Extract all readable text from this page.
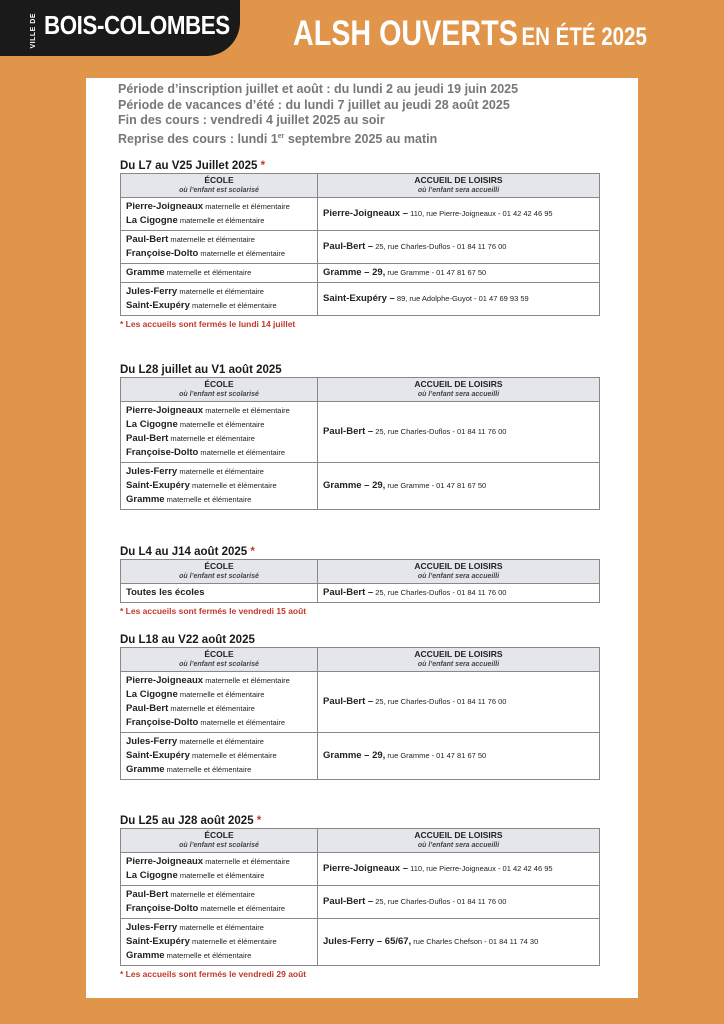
VILLE DE BOIS-COLOMBES ALSH OUVERTS EN ÉTÉ 2025
Période d’inscription juillet et août : du lundi 2 au jeudi 19 juin 2025
Période de vacances d’été : du lundi 7 juillet au jeudi 28 août 2025
Fin des cours : vendredi 4 juillet 2025 au soir
Reprise des cours : lundi 1er septembre 2025 au matin
Du L7 au V25 Juillet 2025 *
ÉCOLE
où l’enfant est scolarisé	ACCUEIL DE LOISIRS
où l’enfant sera accueilli

Pierre-Joigneaux maternelle et élémentaire
La Cigogne maternelle et élémentaire	Pierre-Joigneaux – 110, rue Pierre-Joigneaux - 01 42 42 46 95

Paul-Bert maternelle et élémentaire
Françoise-Dolto maternelle et élémentaire	Paul-Bert – 25, rue Charles-Duflos - 01 84 11 76 00

Gramme maternelle et élémentaire	Gramme – 29, rue Gramme - 01 47 81 67 50

Jules-Ferry maternelle et élémentaire
Saint-Exupéry maternelle et élémentaire	Saint-Exupéry – 89, rue Adolphe-Guyot - 01 47 69 93 59
* Les accueils sont fermés le lundi 14 juillet
Du L28 juillet au V1 août 2025
ÉCOLE
où l’enfant est scolarisé	ACCUEIL DE LOISIRS
où l’enfant sera accueilli

Pierre-Joigneaux maternelle et élémentaire
La Cigogne maternelle et élémentaire
Paul-Bert maternelle et élémentaire
Françoise-Dolto maternelle et élémentaire	Paul-Bert – 25, rue Charles-Duflos - 01 84 11 76 00

Jules-Ferry maternelle et élémentaire
Saint-Exupéry maternelle et élémentaire
Gramme maternelle et élémentaire	Gramme – 29, rue Gramme - 01 47 81 67 50
Du L4 au J14 août 2025 *
ÉCOLE
où l’enfant est scolarisé	ACCUEIL DE LOISIRS
où l’enfant sera accueilli

Toutes les écoles	Paul-Bert – 25, rue Charles-Duflos - 01 84 11 76 00
* Les accueils sont fermés le vendredi 15 août
Du L18 au V22 août 2025
ÉCOLE
où l’enfant est scolarisé	ACCUEIL DE LOISIRS
où l’enfant sera accueilli

Pierre-Joigneaux maternelle et élémentaire
La Cigogne maternelle et élémentaire
Paul-Bert maternelle et élémentaire
Françoise-Dolto maternelle et élémentaire	Paul-Bert – 25, rue Charles-Duflos - 01 84 11 76 00

Jules-Ferry maternelle et élémentaire
Saint-Exupéry maternelle et élémentaire
Gramme maternelle et élémentaire	Gramme – 29, rue Gramme - 01 47 81 67 50
Du L25 au J28 août 2025 *
ÉCOLE
où l’enfant est scolarisé	ACCUEIL DE LOISIRS
où l’enfant sera accueilli

Pierre-Joigneaux maternelle et élémentaire
La Cigogne maternelle et élémentaire	Pierre-Joigneaux – 110, rue Pierre-Joigneaux - 01 42 42 46 95

Paul-Bert maternelle et élémentaire
Françoise-Dolto maternelle et élémentaire	Paul-Bert – 25, rue Charles-Duflos - 01 84 11 76 00

Jules-Ferry maternelle et élémentaire
Saint-Exupéry maternelle et élémentaire
Gramme maternelle et élémentaire	Jules-Ferry – 65/67, rue Charles Chefson - 01 84 11 74 30
* Les accueils sont fermés le vendredi 29 août
